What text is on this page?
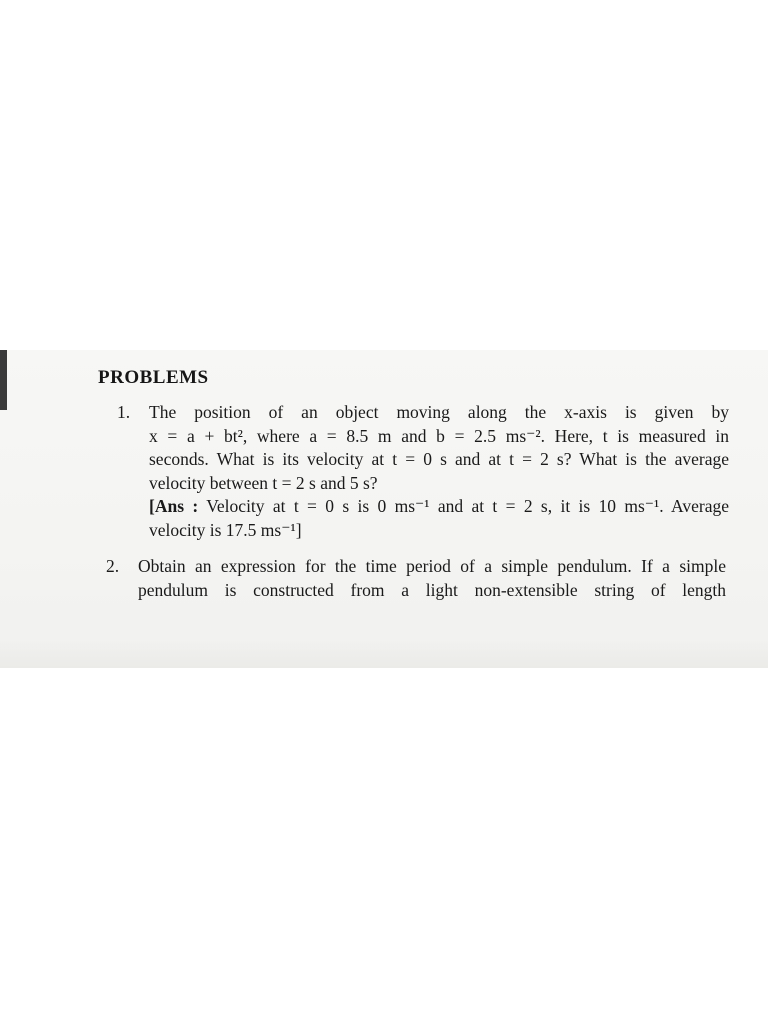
PROBLEMS
1. The position of an object moving along the x-axis is given by
x = a + bt², where a = 8.5 m and b = 2.5 ms⁻². Here, t is measured in
seconds. What is its velocity at t = 0 s and at t = 2 s? What is the average
velocity between t = 2 s and 5 s?
[Ans : Velocity at t = 0 s is 0 ms⁻¹ and at t = 2 s, it is 10 ms⁻¹. Average
velocity is 17.5 ms⁻¹]
2. Obtain an expression for the time period of a simple pendulum. If a simple
pendulum is constructed from a light non-extensible string of length
